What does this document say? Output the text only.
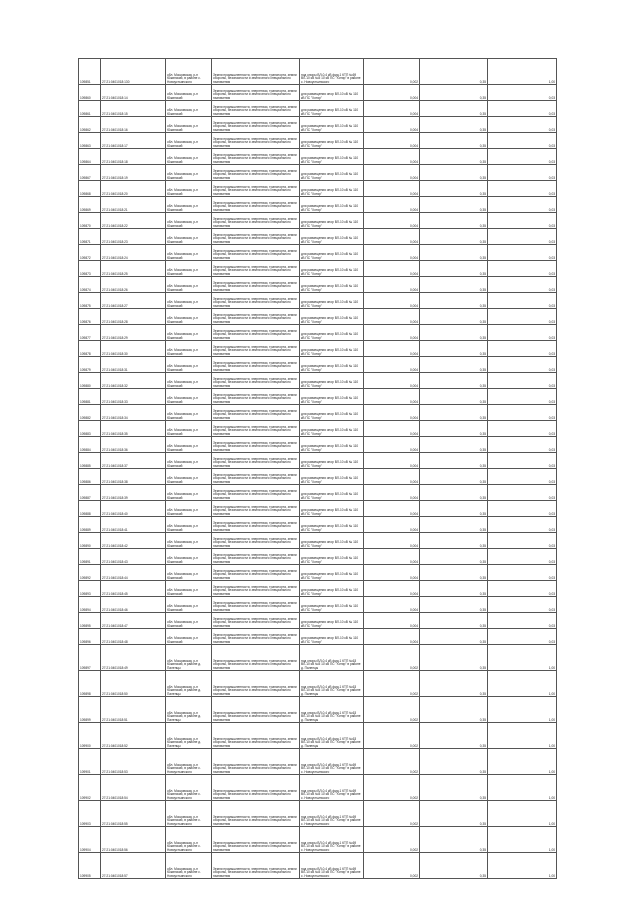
109851	27:21:0401018:130	обл. Московская, р-н Южинский, в районе с. Новоустьинского	Земли промышленности, энергетики, транспорта, земли обороны, безопасности и земли иного специального назначения	под опоры ВЛ-0,4 кВ фид.1 КТП №69 ВЛ-10 кВ №5 10 кВ ПС "Хотяр" в районе с. Новоустьинского	0,002	0,35	1,00
109860	27:21:0401018:14	обл. Московская, р-н Южинский	Земли промышленности, энергетики, транспорта, земли обороны, безопасности и земли иного специального назначения	для размещения опор ВЛ-10 кВ № 110 кВ ПС "Хотяр"	0,004	0,35	0,03
109861	27:21:0401018:15	обл. Московская, р-н Южинский	Земли промышленности, энергетики, транспорта, земли обороны, безопасности и земли иного специального назначения	для размещения опор ВЛ-10 кВ № 110 кВ ПС "Хотяр"	0,004	0,35	0,03
109862	27:21:0401018:16	обл. Московская, р-н Южинский	Земли промышленности, энергетики, транспорта, земли обороны, безопасности и земли иного специального назначения	для размещения опор ВЛ-10 кВ № 110 кВ ПС "Хотяр"	0,004	0,35	0,03
109863	27:21:0401018:17	обл. Московская, р-н Южинский	Земли промышленности, энергетики, транспорта, земли обороны, безопасности и земли иного специального назначения	для размещения опор ВЛ-10 кВ № 110 кВ ПС "Хотяр"	0,004	0,35	0,03
109864	27:21:0401018:18	обл. Московская, р-н Южинский	Земли промышленности, энергетики, транспорта, земли обороны, безопасности и земли иного специального назначения	для размещения опор ВЛ-10 кВ № 110 кВ ПС "Хотяр"	0,004	0,35	0,03
109867	27:21:0401018:19	обл. Московская, р-н Южинский	Земли промышленности, энергетики, транспорта, земли обороны, безопасности и земли иного специального назначения	для размещения опор ВЛ-10 кВ № 110 кВ ПС "Хотяр"	0,004	0,35	0,03
109868	27:21:0401018:20	обл. Московская, р-н Южинский	Земли промышленности, энергетики, транспорта, земли обороны, безопасности и земли иного специального назначения	для размещения опор ВЛ-10 кВ № 110 кВ ПС "Хотяр"	0,004	0,35	0,03
109869	27:21:0401018:21	обл. Московская, р-н Южинский	Земли промышленности, энергетики, транспорта, земли обороны, безопасности и земли иного специального назначения	для размещения опор ВЛ-10 кВ № 110 кВ ПС "Хотяр"	0,004	0,35	0,03
109870	27:21:0401018:22	обл. Московская, р-н Южинский	Земли промышленности, энергетики, транспорта, земли обороны, безопасности и земли иного специального назначения	для размещения опор ВЛ-10 кВ № 110 кВ ПС "Хотяр"	0,004	0,35	0,03
109871	27:21:0401018:23	обл. Московская, р-н Южинский	Земли промышленности, энергетики, транспорта, земли обороны, безопасности и земли иного специального назначения	для размещения опор ВЛ-10 кВ № 110 кВ ПС "Хотяр"	0,004	0,35	0,03
109872	27:21:0401018:24	обл. Московская, р-н Южинский	Земли промышленности, энергетики, транспорта, земли обороны, безопасности и земли иного специального назначения	для размещения опор ВЛ-10 кВ № 110 кВ ПС "Хотяр"	0,004	0,35	0,03
109873	27:21:0401018:25	обл. Московская, р-н Южинский	Земли промышленности, энергетики, транспорта, земли обороны, безопасности и земли иного специального назначения	для размещения опор ВЛ-10 кВ № 110 кВ ПС "Хотяр"	0,004	0,35	0,03
109874	27:21:0401018:26	обл. Московская, р-н Южинский	Земли промышленности, энергетики, транспорта, земли обороны, безопасности и земли иного специального назначения	для размещения опор ВЛ-10 кВ № 110 кВ ПС "Хотяр"	0,004	0,35	0,03
109875	27:21:0401018:27	обл. Московская, р-н Южинский	Земли промышленности, энергетики, транспорта, земли обороны, безопасности и земли иного специального назначения	для размещения опор ВЛ-10 кВ № 110 кВ ПС "Хотяр"	0,004	0,35	0,03
109876	27:21:0401018:28	обл. Московская, р-н Южинский	Земли промышленности, энергетики, транспорта, земли обороны, безопасности и земли иного специального назначения	для размещения опор ВЛ-10 кВ № 110 кВ ПС "Хотяр"	0,004	0,35	0,03
109877	27:21:0401018:29	обл. Московская, р-н Южинский	Земли промышленности, энергетики, транспорта, земли обороны, безопасности и земли иного специального назначения	для размещения опор ВЛ-10 кВ № 110 кВ ПС "Хотяр"	0,004	0,35	0,03
109878	27:21:0401018:30	обл. Московская, р-н Южинский	Земли промышленности, энергетики, транспорта, земли обороны, безопасности и земли иного специального назначения	для размещения опор ВЛ-10 кВ № 110 кВ ПС "Хотяр"	0,004	0,35	0,03
109879	27:21:0401018:31	обл. Московская, р-н Южинский	Земли промышленности, энергетики, транспорта, земли обороны, безопасности и земли иного специального назначения	для размещения опор ВЛ-10 кВ № 110 кВ ПС "Хотяр"	0,004	0,35	0,03
109880	27:21:0401018:32	обл. Московская, р-н Южинский	Земли промышленности, энергетики, транспорта, земли обороны, безопасности и земли иного специального назначения	для размещения опор ВЛ-10 кВ № 110 кВ ПС "Хотяр"	0,004	0,35	0,03
109881	27:21:0401018:33	обл. Московская, р-н Южинский	Земли промышленности, энергетики, транспорта, земли обороны, безопасности и земли иного специального назначения	для размещения опор ВЛ-10 кВ № 110 кВ ПС "Хотяр"	0,004	0,35	0,03
109882	27:21:0401018:34	обл. Московская, р-н Южинский	Земли промышленности, энергетики, транспорта, земли обороны, безопасности и земли иного специального назначения	для размещения опор ВЛ-10 кВ № 110 кВ ПС "Хотяр"	0,004	0,35	0,03
109883	27:21:0401018:35	обл. Московская, р-н Южинский	Земли промышленности, энергетики, транспорта, земли обороны, безопасности и земли иного специального назначения	для размещения опор ВЛ-10 кВ № 110 кВ ПС "Хотяр"	0,004	0,35	0,03
109884	27:21:0401018:36	обл. Московская, р-н Южинский	Земли промышленности, энергетики, транспорта, земли обороны, безопасности и земли иного специального назначения	для размещения опор ВЛ-10 кВ № 110 кВ ПС "Хотяр"	0,004	0,35	0,03
109885	27:21:0401018:37	обл. Московская, р-н Южинский	Земли промышленности, энергетики, транспорта, земли обороны, безопасности и земли иного специального назначения	для размещения опор ВЛ-10 кВ № 110 кВ ПС "Хотяр"	0,004	0,35	0,03
109886	27:21:0401018:38	обл. Московская, р-н Южинский	Земли промышленности, энергетики, транспорта, земли обороны, безопасности и земли иного специального назначения	для размещения опор ВЛ-10 кВ № 110 кВ ПС "Хотяр"	0,004	0,35	0,03
109887	27:21:0401018:39	обл. Московская, р-н Южинский	Земли промышленности, энергетики, транспорта, земли обороны, безопасности и земли иного специального назначения	для размещения опор ВЛ-10 кВ № 110 кВ ПС "Хотяр"	0,004	0,35	0,03
109888	27:21:0401018:40	обл. Московская, р-н Южинский	Земли промышленности, энергетики, транспорта, земли обороны, безопасности и земли иного специального назначения	для размещения опор ВЛ-10 кВ № 110 кВ ПС "Хотяр"	0,004	0,35	0,03
109889	27:21:0401018:41	обл. Московская, р-н Южинский	Земли промышленности, энергетики, транспорта, земли обороны, безопасности и земли иного специального назначения	для размещения опор ВЛ-10 кВ № 110 кВ ПС "Хотяр"	0,004	0,35	0,03
109890	27:21:0401018:42	обл. Московская, р-н Южинский	Земли промышленности, энергетики, транспорта, земли обороны, безопасности и земли иного специального назначения	для размещения опор ВЛ-10 кВ № 110 кВ ПС "Хотяр"	0,004	0,35	0,03
109891	27:21:0401018:43	обл. Московская, р-н Южинский	Земли промышленности, энергетики, транспорта, земли обороны, безопасности и земли иного специального назначения	для размещения опор ВЛ-10 кВ № 110 кВ ПС "Хотяр"	0,004	0,35	0,03
109892	27:21:0401018:44	обл. Московская, р-н Южинский	Земли промышленности, энергетики, транспорта, земли обороны, безопасности и земли иного специального назначения	для размещения опор ВЛ-10 кВ № 110 кВ ПС "Хотяр"	0,004	0,35	0,03
109893	27:21:0401018:45	обл. Московская, р-н Южинский	Земли промышленности, энергетики, транспорта, земли обороны, безопасности и земли иного специального назначения	для размещения опор ВЛ-10 кВ № 110 кВ ПС "Хотяр"	0,004	0,35	0,03
109894	27:21:0401018:46	обл. Московская, р-н Южинский	Земли промышленности, энергетики, транспорта, земли обороны, безопасности и земли иного специального назначения	для размещения опор ВЛ-10 кВ № 110 кВ ПС "Хотяр"	0,004	0,35	0,03
109895	27:21:0401018:47	обл. Московская, р-н Южинский	Земли промышленности, энергетики, транспорта, земли обороны, безопасности и земли иного специального назначения	для размещения опор ВЛ-10 кВ № 110 кВ ПС "Хотяр"	0,004	0,35	0,03
109896	27:21:0401018:48	обл. Московская, р-н Южинский	Земли промышленности, энергетики, транспорта, земли обороны, безопасности и земли иного специального назначения	для размещения опор ВЛ-10 кВ № 110 кВ ПС "Хотяр"	0,004	0,35	0,03
109897	27:21:0401018:49	обл. Московская, р-н Южинский, в районе д. Паленцы	Земли промышленности, энергетики, транспорта, земли обороны, безопасности и земли иного специального назначения	под опоры ВЛ-0,4 кВ фид.1 КТП №63 ВЛ-10 кВ №5 10 кВ ПС "Хотяр" в районе д. Паленцы	0,002	0,35	1,00
109898	27:21:0401018:50	обл. Московская, р-н Южинский, в районе д. Паленцы	Земли промышленности, энергетики, транспорта, земли обороны, безопасности и земли иного специального назначения	под опоры ВЛ-0,4 кВ фид.1 КТП №63 ВЛ-10 кВ №5 10 кВ ПС "Хотяр" в районе д. Паленцы	0,002	0,35	1,00
109899	27:21:0401018:51	обл. Московская, р-н Южинский, в районе д. Паленцы	Земли промышленности, энергетики, транспорта, земли обороны, безопасности и земли иного специального назначения	под опоры ВЛ-0,4 кВ фид.1 КТП №63 ВЛ-10 кВ №5 10 кВ ПС "Хотяр" в районе д. Паленцы	0,002	0,35	1,00
109900	27:21:0401018:52	обл. Московская, р-н Южинский, в районе д. Паленцы	Земли промышленности, энергетики, транспорта, земли обороны, безопасности и земли иного специального назначения	под опоры ВЛ-0,4 кВ фид.1 КТП №63 ВЛ-10 кВ №5 10 кВ ПС "Хотяр" в районе д. Паленцы	0,002	0,35	1,00
109901	27:21:0401018:53	обл. Московская, р-н Южинский, в районе с. Новоустьинского	Земли промышленности, энергетики, транспорта, земли обороны, безопасности и земли иного специального назначения	под опоры ВЛ-0,4 кВ фид.1 КТП №69 ВЛ-10 кВ №5 10 кВ ПС "Хотяр" в районе с. Новоустьинского	0,002	0,35	1,00
109902	27:21:0401018:54	обл. Московская, р-н Южинский, в районе с. Новоустьинского	Земли промышленности, энергетики, транспорта, земли обороны, безопасности и земли иного специального назначения	под опоры ВЛ-0,4 кВ фид.1 КТП №69 ВЛ-10 кВ №5 10 кВ ПС "Хотяр" в районе с. Новоустьинского	0,002	0,35	1,00
109903	27:21:0401018:55	обл. Московская, р-н Южинский, в районе с. Новоустьинского	Земли промышленности, энергетики, транспорта, земли обороны, безопасности и земли иного специального назначения	под опоры ВЛ-0,4 кВ фид.1 КТП №69 ВЛ-10 кВ №5 10 кВ ПС "Хотяр" в районе с. Новоустьинского	0,002	0,35	1,00
109904	27:21:0401018:56	обл. Московская, р-н Южинский, в районе с. Новоустьинского	Земли промышленности, энергетики, транспорта, земли обороны, безопасности и земли иного специального назначения	под опоры ВЛ-0,4 кВ фид.1 КТП №69 ВЛ-10 кВ №5 10 кВ ПС "Хотяр" в районе с. Новоустьинского	0,002	0,35	1,00
109905	27:21:0401018:57	обл. Московская, р-н Южинский, в районе с. Новоустьинского	Земли промышленности, энергетики, транспорта, земли обороны, безопасности и земли иного специального назначения	под опоры ВЛ-0,4 кВ фид.1 КТП №69 ВЛ-10 кВ №5 10 кВ ПС "Хотяр" в районе с. Новоустьинского	0,002	0,35	1,00
